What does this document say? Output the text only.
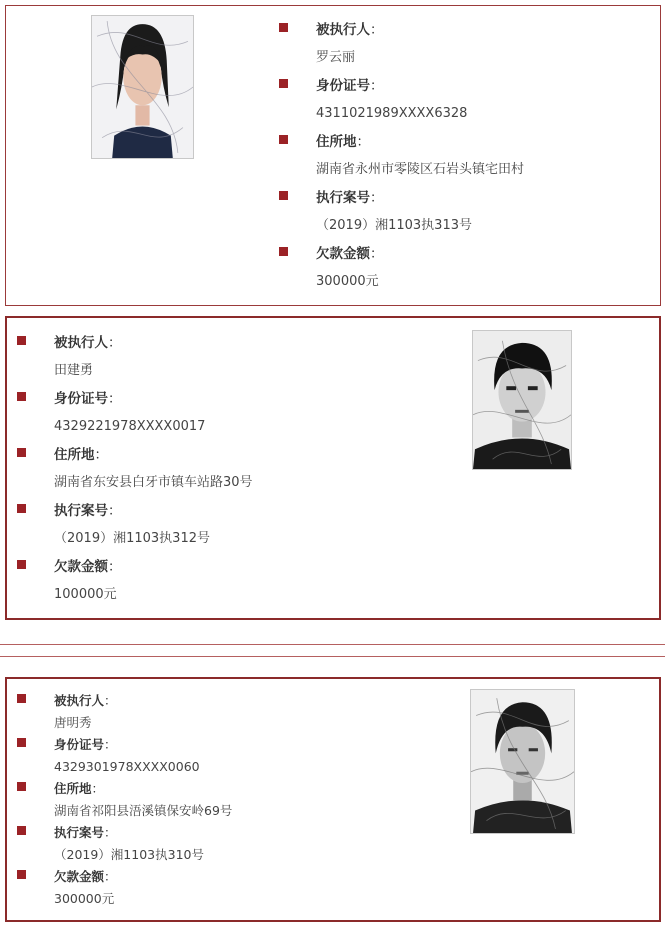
被执行人 ：
罗云丽
身份证号 ：
4311021989XXXX6328
住所地 ：
湖南省永州市零陵区石岩头镇宅田村
执行案号 ：
（2019）湘1103执313号
欠款金额 ：
300000元
被执行人 ：
田建勇
身份证号 ：
4329221978XXXX0017
住所地 ：
湖南省东安县白牙市镇车站路30号
执行案号 ：
（2019）湘1103执312号
欠款金额 ：
100000元
被执行人 ：
唐明秀
身份证号 ：
4329301978XXXX0060
住所地 ：
湖南省祁阳县浯溪镇保安岭69号
执行案号 ：
（2019）湘1103执310号
欠款金额 ：
300000元
